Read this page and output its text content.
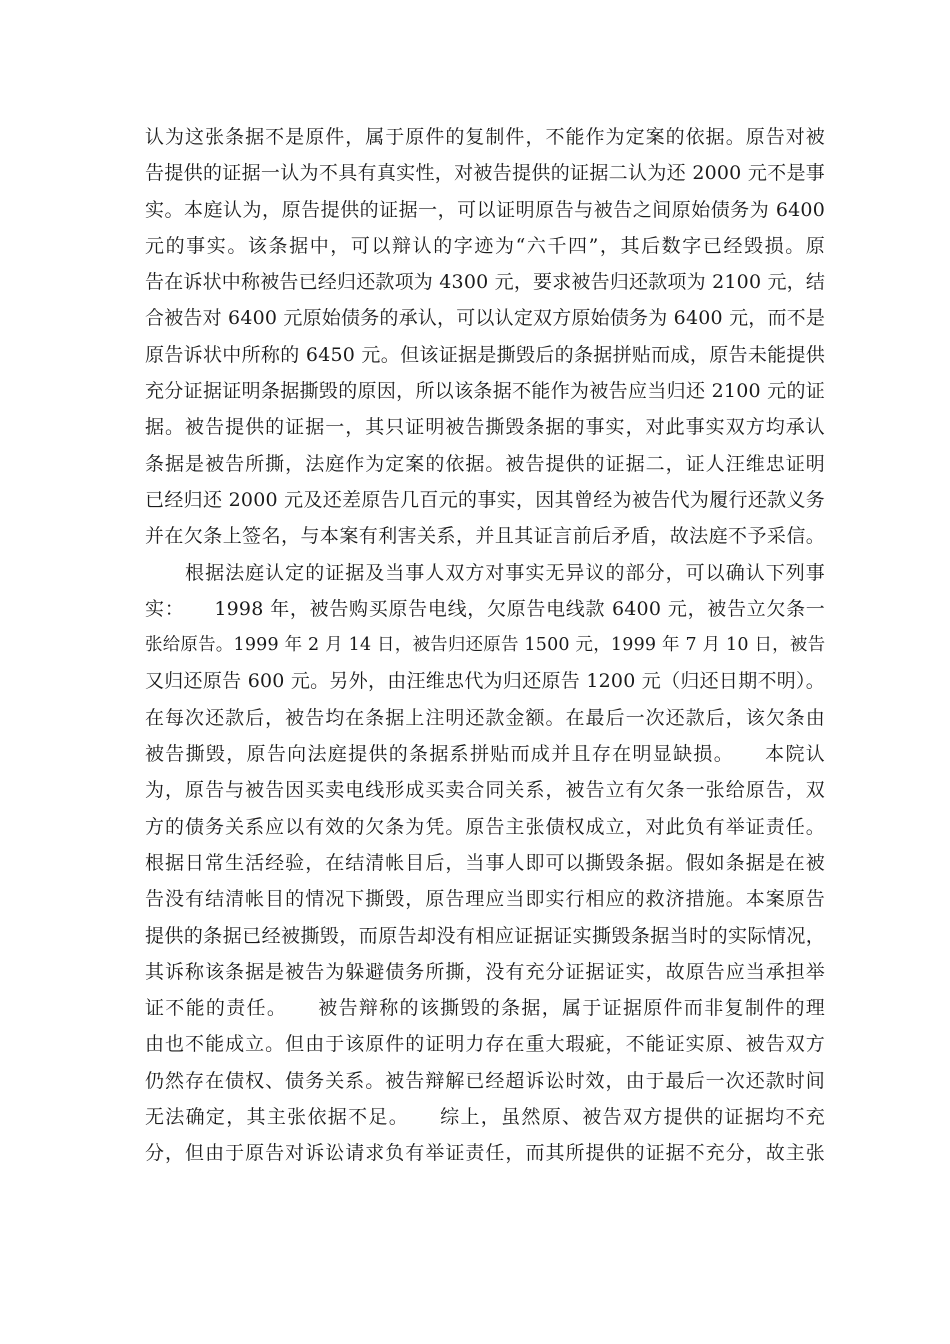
认为这张条据不是原件，属于原件的复制件，不能作为定案的依据。原告对被
告提供的证据一认为不具有真实性，对被告提供的证据二认为还 2000 元不是事
实。本庭认为，原告提供的证据一，可以证明原告与被告之间原始债务为 6400
元的事实。该条据中，可以辩认的字迹为“六千四”，其后数字已经毁损。原
告在诉状中称被告已经归还款项为 4300 元，要求被告归还款项为 2100 元，结
合被告对 6400 元原始债务的承认，可以认定双方原始债务为 6400 元，而不是
原告诉状中所称的 6450 元。但该证据是撕毁后的条据拼贴而成，原告未能提供
充分证据证明条据撕毁的原因，所以该条据不能作为被告应当归还 2100 元的证
据。被告提供的证据一，其只证明被告撕毁条据的事实，对此事实双方均承认
条据是被告所撕，法庭作为定案的依据。被告提供的证据二，证人汪维忠证明
已经归还 2000 元及还差原告几百元的事实，因其曾经为被告代为履行还款义务
并在欠条上签名，与本案有利害关系，并且其证言前后矛盾，故法庭不予采信。
　　根据法庭认定的证据及当事人双方对事实无异议的部分，可以确认下列事
实：　　1998 年，被告购买原告电线，欠原告电线款 6400 元，被告立欠条一
张给原告。1999 年 2 月 14 日，被告归还原告 1500 元，1999 年 7 月 10 日，被告
又归还原告 600 元。另外，由汪维忠代为归还原告 1200 元（归还日期不明）。
在每次还款后，被告均在条据上注明还款金额。在最后一次还款后，该欠条由
被告撕毁，原告向法庭提供的条据系拼贴而成并且存在明显缺损。　　本院认
为，原告与被告因买卖电线形成买卖合同关系，被告立有欠条一张给原告，双
方的债务关系应以有效的欠条为凭。原告主张债权成立，对此负有举证责任。
根据日常生活经验，在结清帐目后，当事人即可以撕毁条据。假如条据是在被
告没有结清帐目的情况下撕毁，原告理应当即实行相应的救济措施。本案原告
提供的条据已经被撕毁，而原告却没有相应证据证实撕毁条据当时的实际情况，
其诉称该条据是被告为躲避债务所撕，没有充分证据证实，故原告应当承担举
证不能的责任。　　被告辩称的该撕毁的条据，属于证据原件而非复制件的理
由也不能成立。但由于该原件的证明力存在重大瑕疵，不能证实原、被告双方
仍然存在债权、债务关系。被告辩解已经超诉讼时效，由于最后一次还款时间
无法确定，其主张依据不足。　　综上，虽然原、被告双方提供的证据均不充
分，但由于原告对诉讼请求负有举证责任，而其所提供的证据不充分，故主张
